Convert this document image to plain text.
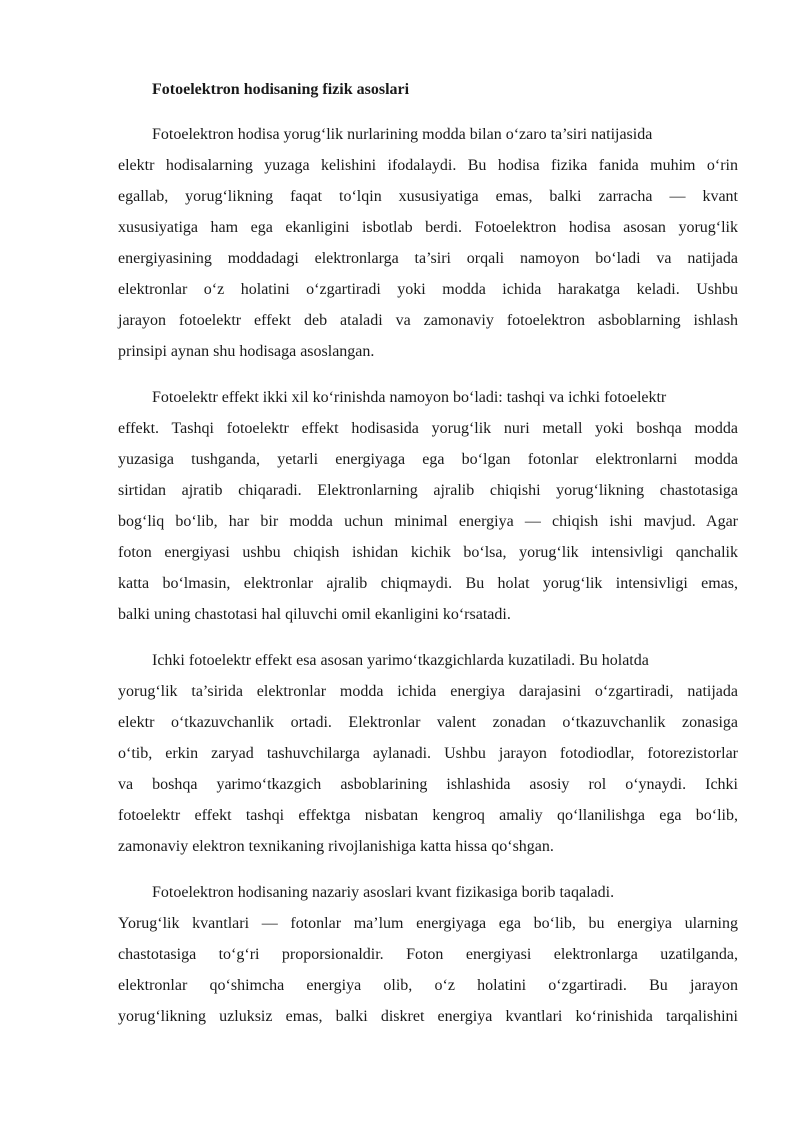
Fotoelektron hodisaning fizik asoslari
Fotoelektron hodisa yorug‘lik nurlarining modda bilan o‘zaro ta’siri natijasida
elektr hodisalarning yuzaga kelishini ifodalaydi. Bu hodisa fizika fanida muhim o‘rin
egallab, yorug‘likning faqat to‘lqin xususiyatiga emas, balki zarracha — kvant
xususiyatiga ham ega ekanligini isbotlab berdi. Fotoelektron hodisa asosan yorug‘lik
energiyasining moddadagi elektronlarga ta’siri orqali namoyon bo‘ladi va natijada
elektronlar o‘z holatini o‘zgartiradi yoki modda ichida harakatga keladi. Ushbu
jarayon fotoelektr effekt deb ataladi va zamonaviy fotoelektron asboblarning ishlash
prinsipi aynan shu hodisaga asoslangan.
Fotoelektr effekt ikki xil ko‘rinishda namoyon bo‘ladi: tashqi va ichki fotoelektr
effekt. Tashqi fotoelektr effekt hodisasida yorug‘lik nuri metall yoki boshqa modda
yuzasiga tushganda, yetarli energiyaga ega bo‘lgan fotonlar elektronlarni modda
sirtidan ajratib chiqaradi. Elektronlarning ajralib chiqishi yorug‘likning chastotasiga
bog‘liq bo‘lib, har bir modda uchun minimal energiya — chiqish ishi mavjud. Agar
foton energiyasi ushbu chiqish ishidan kichik bo‘lsa, yorug‘lik intensivligi qanchalik
katta bo‘lmasin, elektronlar ajralib chiqmaydi. Bu holat yorug‘lik intensivligi emas,
balki uning chastotasi hal qiluvchi omil ekanligini ko‘rsatadi.
Ichki fotoelektr effekt esa asosan yarimo‘tkazgichlarda kuzatiladi. Bu holatda
yorug‘lik ta’sirida elektronlar modda ichida energiya darajasini o‘zgartiradi, natijada
elektr o‘tkazuvchanlik ortadi. Elektronlar valent zonadan o‘tkazuvchanlik zonasiga
o‘tib, erkin zaryad tashuvchilarga aylanadi. Ushbu jarayon fotodiodlar, fotorezistorlar
va boshqa yarimo‘tkazgich asboblarining ishlashida asosiy rol o‘ynaydi. Ichki
fotoelektr effekt tashqi effektga nisbatan kengroq amaliy qo‘llanilishga ega bo‘lib,
zamonaviy elektron texnikaning rivojlanishiga katta hissa qo‘shgan.
Fotoelektron hodisaning nazariy asoslari kvant fizikasiga borib taqaladi.
Yorug‘lik kvantlari — fotonlar ma’lum energiyaga ega bo‘lib, bu energiya ularning
chastotasiga to‘g‘ri proporsionaldir. Foton energiyasi elektronlarga uzatilganda,
elektronlar qo‘shimcha energiya olib, o‘z holatini o‘zgartiradi. Bu jarayon
yorug‘likning uzluksiz emas, balki diskret energiya kvantlari ko‘rinishida tarqalishini
